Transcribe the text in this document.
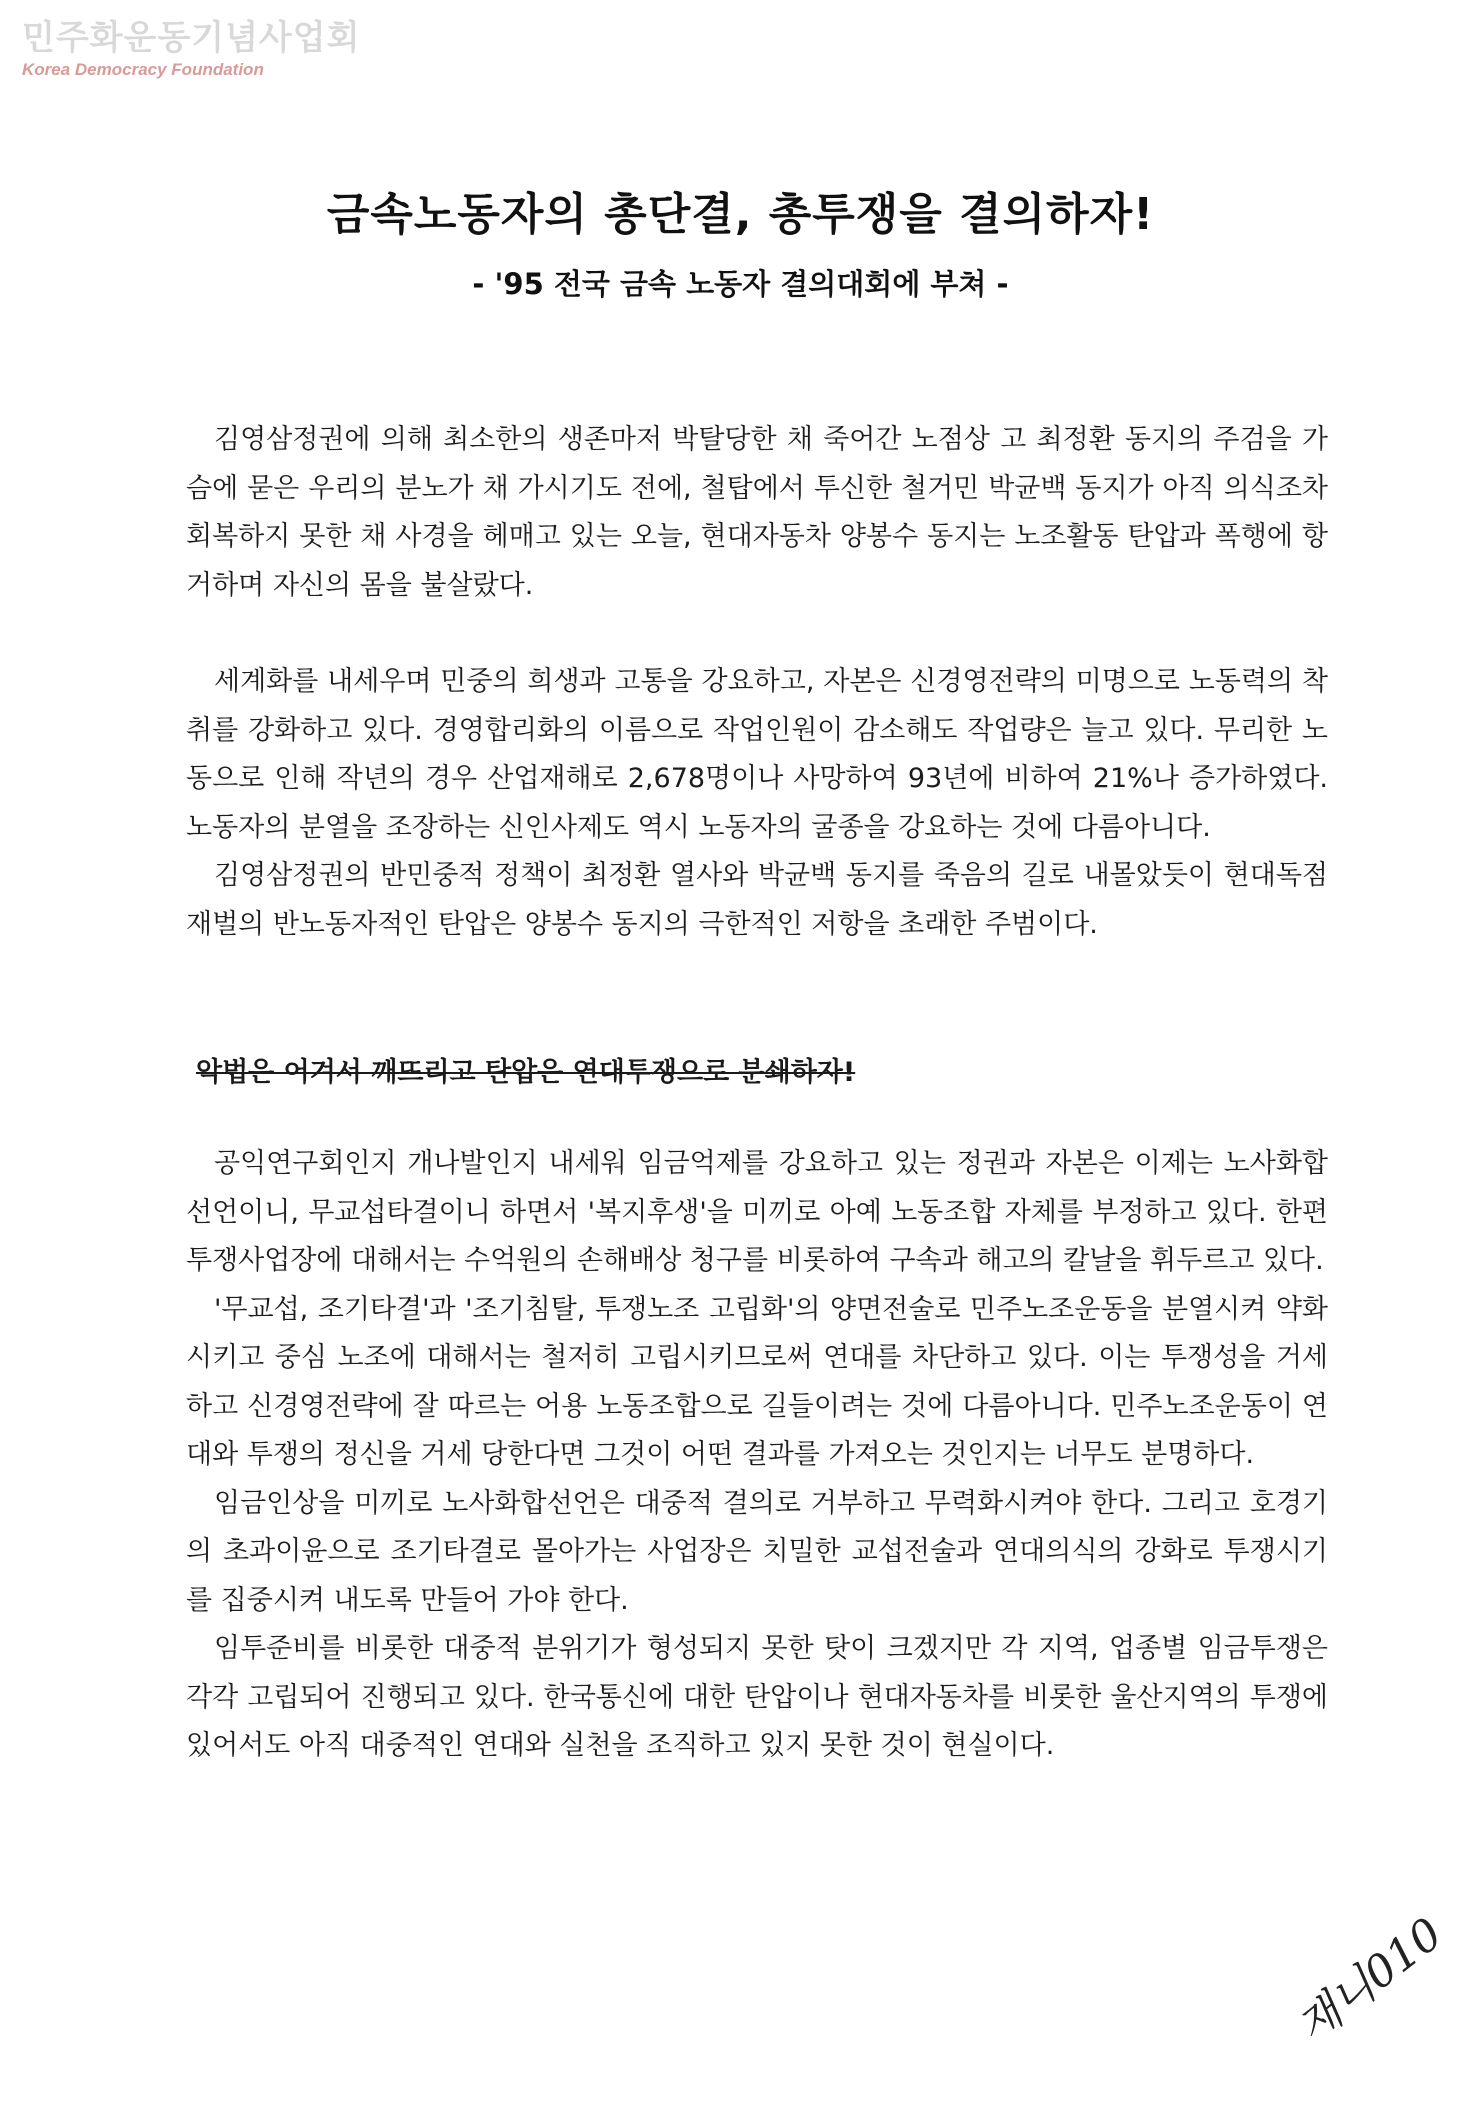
민주화운동기념사업회
Korea Democracy Foundation
금속노동자의 총단결, 총투쟁을 결의하자!
- '95 전국 금속 노동자 결의대회에 부쳐 -

김영삼정권에 의해 최소한의 생존마저 박탈당한 채 죽어간 노점상 고 최정환 동지의 주검을 가슴에 묻은 우리의 분노가 채 가시기도 전에, 철탑에서 투신한 철거민 박균백 동지가 아직 의식조차 회복하지 못한 채 사경을 헤매고 있는 오늘, 현대자동차 양봉수 동지는 노조활동 탄압과 폭행에 항거하며 자신의 몸을 불살랐다.

세계화를 내세우며 민중의 희생과 고통을 강요하고, 자본은 신경영전략의 미명으로 노동력의 착취를 강화하고 있다. 경영합리화의 이름으로 작업인원이 감소해도 작업량은 늘고 있다. 무리한 노동으로 인해 작년의 경우 산업재해로 2,678명이나 사망하여 93년에 비하여 21%나 증가하였다. 노동자의 분열을 조장하는 신인사제도 역시 노동자의 굴종을 강요하는 것에 다름아니다.

김영삼정권의 반민중적 정책이 최정환 열사와 박균백 동지를 죽음의 길로 내몰았듯이 현대독점재벌의 반노동자적인 탄압은 양봉수 동지의 극한적인 저항을 초래한 주범이다.

악법은 어겨서 깨뜨리고 탄압은 연대투쟁으로 분쇄하자!

공익연구회인지 개나발인지 내세워 임금억제를 강요하고 있는 정권과 자본은 이제는 노사화합선언이니, 무교섭타결이니 하면서 '복지후생'을 미끼로 아예 노동조합 자체를 부정하고 있다. 한편 투쟁사업장에 대해서는 수억원의 손해배상 청구를 비롯하여 구속과 해고의 칼날을 휘두르고 있다.

'무교섭, 조기타결'과 '조기침탈, 투쟁노조 고립화'의 양면전술로 민주노조운동을 분열시켜 약화시키고 중심 노조에 대해서는 철저히 고립시키므로써 연대를 차단하고 있다. 이는 투쟁성을 거세하고 신경영전략에 잘 따르는 어용 노동조합으로 길들이려는 것에 다름아니다. 민주노조운동이 연대와 투쟁의 정신을 거세 당한다면 그것이 어떤 결과를 가져오는 것인지는 너무도 분명하다.

임금인상을 미끼로 노사화합선언은 대중적 결의로 거부하고 무력화시켜야 한다. 그리고 호경기의 초과이윤으로 조기타결로 몰아가는 사업장은 치밀한 교섭전술과 연대의식의 강화로 투쟁시기를 집중시켜 내도록 만들어 가야 한다.

임투준비를 비롯한 대중적 분위기가 형성되지 못한 탓이 크겠지만 각 지역, 업종별 임금투쟁은 각각 고립되어 진행되고 있다. 한국통신에 대한 탄압이나 현대자동차를 비롯한 울산지역의 투쟁에 있어서도 아직 대중적인 연대와 실천을 조직하고 있지 못한 것이 현실이다.

재니010
